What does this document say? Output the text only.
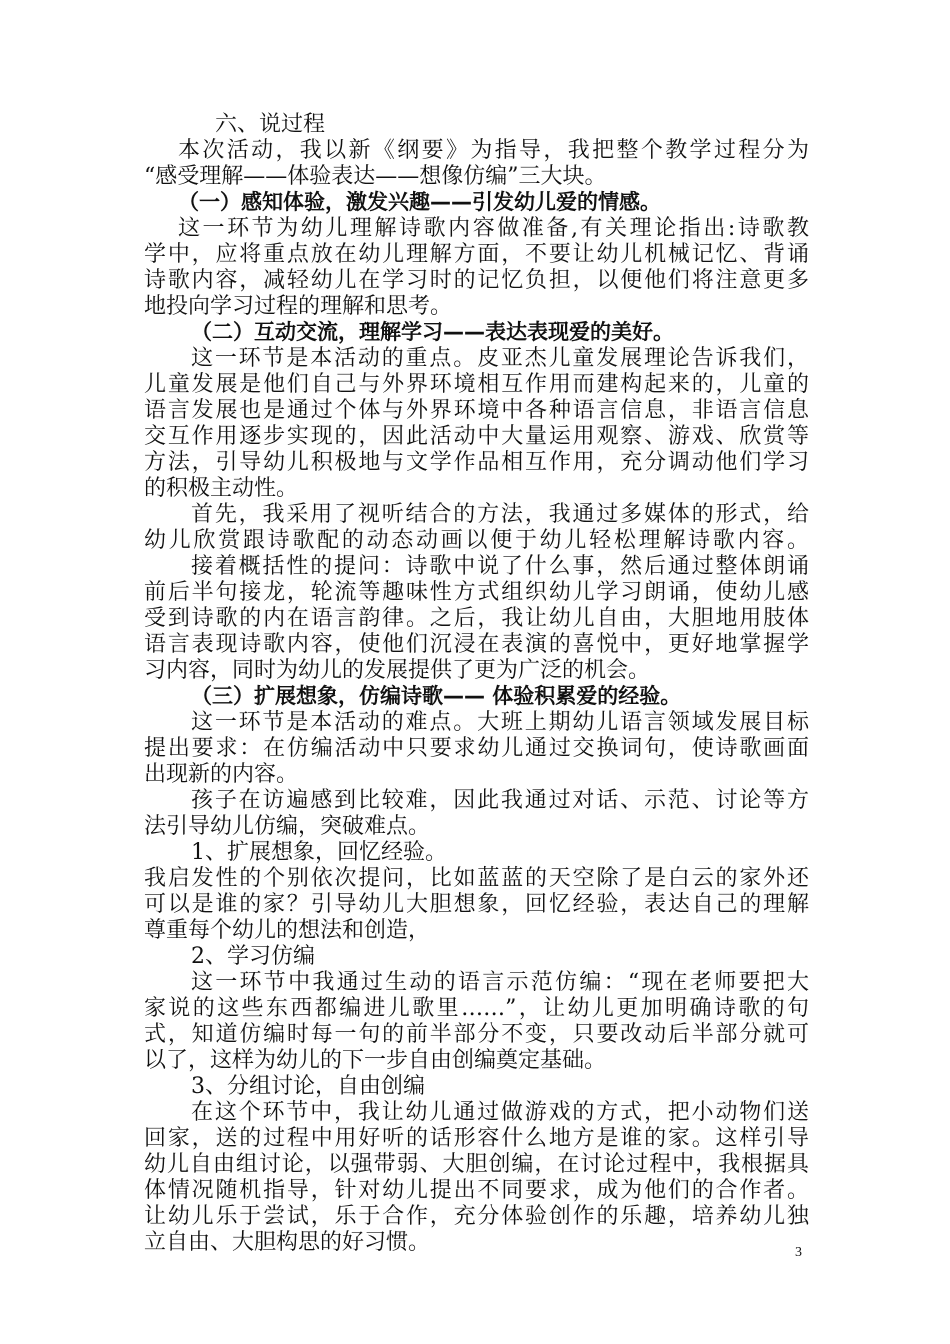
六、说过程
本次活动，我以新《纲要》为指导，我把整个教学过程分为
“感受理解——体验表达——想像仿编”三大块。
（一）感知体验，激发兴趣——引发幼儿爱的情感。
这一环节为幼儿理解诗歌内容做准备,有关理论指出:诗歌教
学中，应将重点放在幼儿理解方面，不要让幼儿机械记忆、背诵
诗歌内容，减轻幼儿在学习时的记忆负担，以便他们将注意更多
地投向学习过程的理解和思考。
（二）互动交流，理解学习——表达表现爱的美好。
这一环节是本活动的重点。皮亚杰儿童发展理论告诉我们，
儿童发展是他们自己与外界环境相互作用而建构起来的，儿童的
语言发展也是通过个体与外界环境中各种语言信息，非语言信息
交互作用逐步实现的，因此活动中大量运用观察、游戏、欣赏等
方法，引导幼儿积极地与文学作品相互作用，充分调动他们学习
的积极主动性。
首先，我采用了视听结合的方法，我通过多媒体的形式，给
幼儿欣赏跟诗歌配的动态动画以便于幼儿轻松理解诗歌内容。
接着概括性的提问：诗歌中说了什么事，然后通过整体朗诵
前后半句接龙，轮流等趣味性方式组织幼儿学习朗诵，使幼儿感
受到诗歌的内在语言韵律。之后，我让幼儿自由，大胆地用肢体
语言表现诗歌内容，使他们沉浸在表演的喜悦中，更好地掌握学
习内容，同时为幼儿的发展提供了更为广泛的机会。
（三）扩展想象，仿编诗歌—— 体验积累爱的经验。
这一环节是本活动的难点。大班上期幼儿语言领域发展目标
提出要求：在仿编活动中只要求幼儿通过交换词句，使诗歌画面
出现新的内容。
孩子在访遍感到比较难，因此我通过对话、示范、讨论等方
法引导幼儿仿编，突破难点。
1、扩展想象，回忆经验。
我启发性的个别依次提问，比如蓝蓝的天空除了是白云的家外还
可以是谁的家？引导幼儿大胆想象，回忆经验，表达自己的理解
尊重每个幼儿的想法和创造，
2、学习仿编
这一环节中我通过生动的语言示范仿编：“现在老师要把大
家说的这些东西都编进儿歌里……”，让幼儿更加明确诗歌的句
式，知道仿编时每一句的前半部分不变，只要改动后半部分就可
以了，这样为幼儿的下一步自由创编奠定基础。
3、分组讨论，自由创编
在这个环节中，我让幼儿通过做游戏的方式，把小动物们送
回家，送的过程中用好听的话形容什么地方是谁的家。这样引导
幼儿自由组讨论，以强带弱、大胆创编，在讨论过程中，我根据具
体情况随机指导，针对幼儿提出不同要求，成为他们的合作者。
让幼儿乐于尝试，乐于合作，充分体验创作的乐趣，培养幼儿独
立自由、大胆构思的好习惯。	3
